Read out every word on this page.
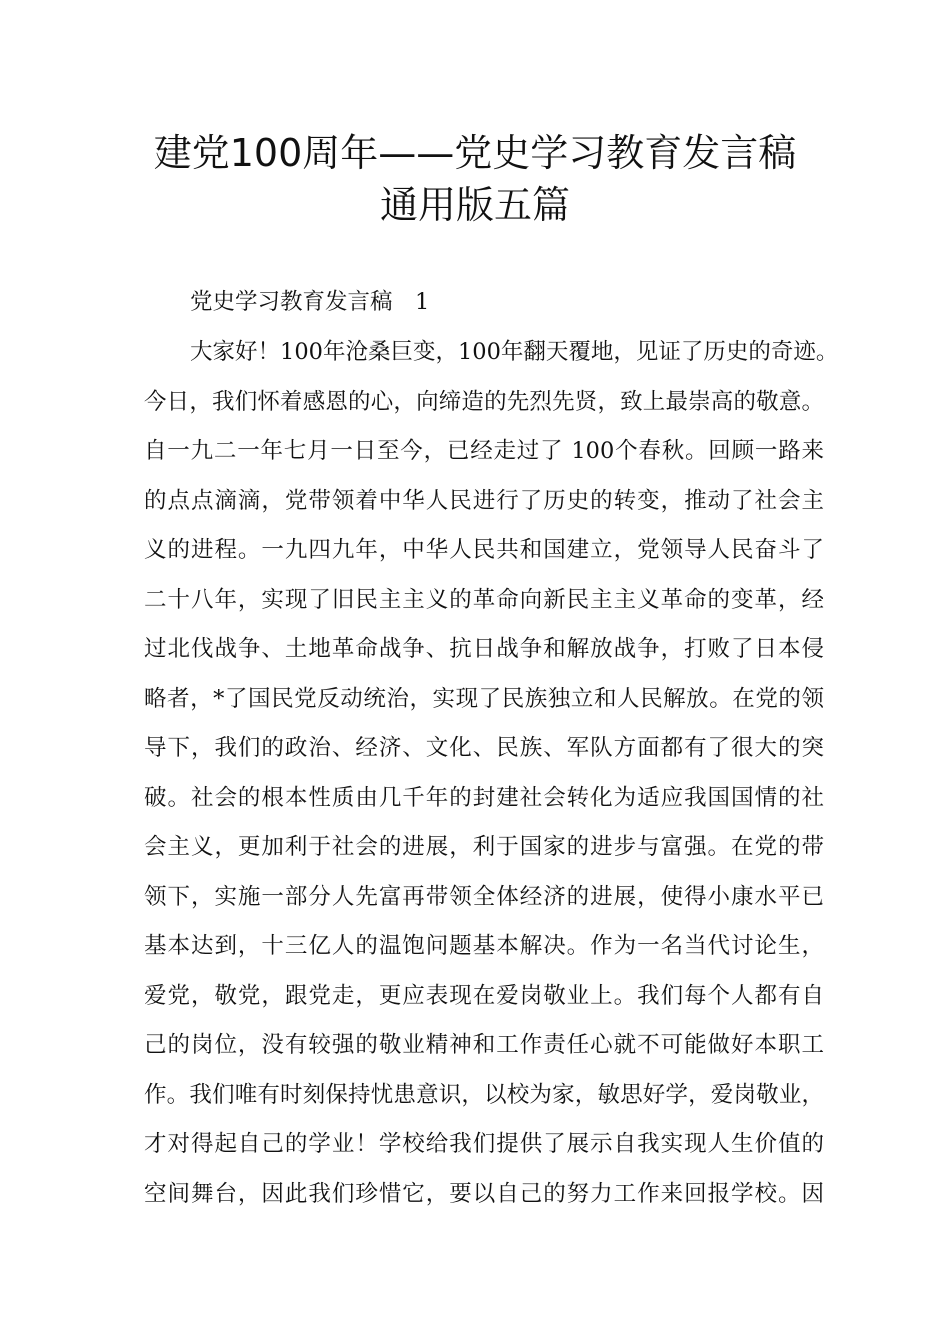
建党100周年——党史学习教育发言稿
通用版五篇

党史学习教育发言稿　1

大家好！100年沧桑巨变，100年翻天覆地，见证了历史的奇迹。

今日，我们怀着感恩的心，向缔造的先烈先贤，致上最崇高的敬意。

自一九二一年七月一日至今，已经走过了 100个春秋。回顾一路来

的点点滴滴，党带领着中华人民进行了历史的转变，推动了社会主

义的进程。一九四九年，中华人民共和国建立，党领导人民奋斗了

二十八年，实现了旧民主主义的革命向新民主主义革命的变革，经

过北伐战争、土地革命战争、抗日战争和解放战争，打败了日本侵

略者，*了国民党反动统治，实现了民族独立和人民解放。在党的领

导下，我们的政治、经济、文化、民族、军队方面都有了很大的突

破。社会的根本性质由几千年的封建社会转化为适应我国国情的社

会主义，更加利于社会的进展，利于国家的进步与富强。在党的带

领下，实施一部分人先富再带领全体经济的进展，使得小康水平已

基本达到，十三亿人的温饱问题基本解决。作为一名当代讨论生，

爱党，敬党，跟党走，更应表现在爱岗敬业上。我们每个人都有自

己的岗位，没有较强的敬业精神和工作责任心就不可能做好本职工

作。我们唯有时刻保持忧患意识，以校为家，敏思好学，爱岗敬业，

才对得起自己的学业！学校给我们提供了展示自我实现人生价值的

空间舞台，因此我们珍惜它，要以自己的努力工作来回报学校。因
